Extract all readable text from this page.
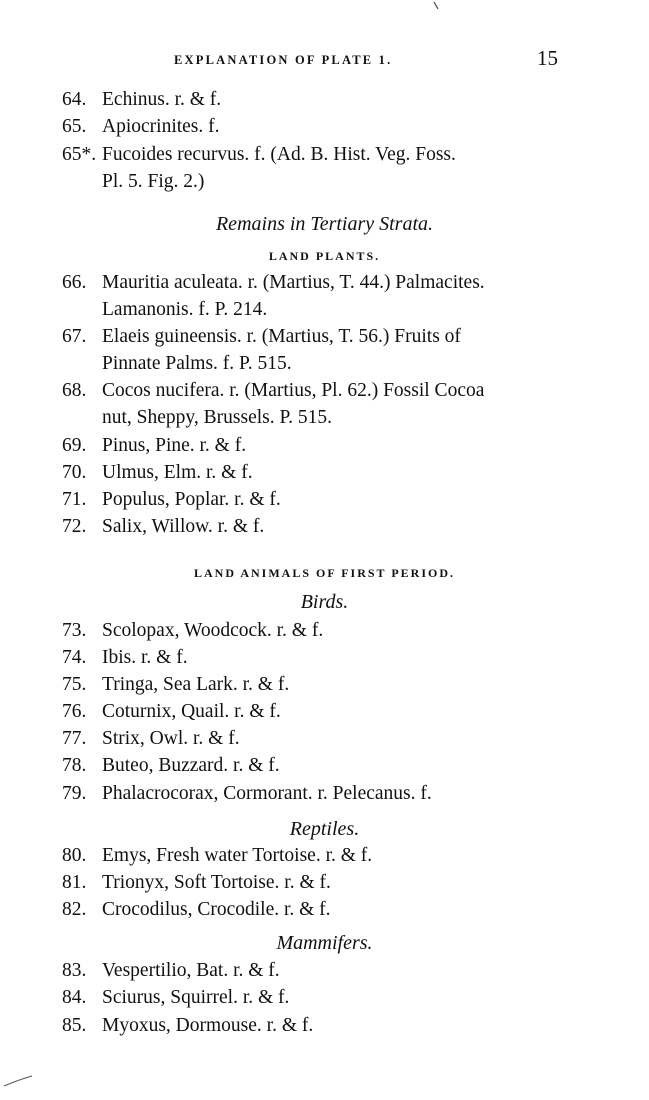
EXPLANATION OF PLATE 1.	15
64. Echinus. r. & f.
65. Apiocrinites. f.
65*. Fucoides recurvus. f. (Ad. B. Hist. Veg. Foss.
Pl. 5. Fig. 2.)
Remains in Tertiary Strata.
LAND PLANTS.
66. Mauritia aculeata. r. (Martius, T. 44.) Palmacites.
Lamanonis. f. P. 214.
67. Elaeis guineensis. r. (Martius, T. 56.) Fruits of
Pinnate Palms. f. P. 515.
68. Cocos nucifera. r. (Martius, Pl. 62.) Fossil Cocoa
nut, Sheppy, Brussels. P. 515.
69. Pinus, Pine. r. & f.
70. Ulmus, Elm. r. & f.
71. Populus, Poplar. r. & f.
72. Salix, Willow. r. & f.
LAND ANIMALS OF FIRST PERIOD.
Birds.
73. Scolopax, Woodcock. r. & f.
74. Ibis. r. & f.
75. Tringa, Sea Lark. r. & f.
76. Coturnix, Quail. r. & f.
77. Strix, Owl. r. & f.
78. Buteo, Buzzard. r. & f.
79. Phalacrocorax, Cormorant. r. Pelecanus. f.
Reptiles.
80. Emys, Fresh water Tortoise. r. & f.
81. Trionyx, Soft Tortoise. r. & f.
82. Crocodilus, Crocodile. r. & f.
Mammifers.
83. Vespertilio, Bat. r. & f.
84. Sciurus, Squirrel. r. & f.
85. Myoxus, Dormouse. r. & f.
